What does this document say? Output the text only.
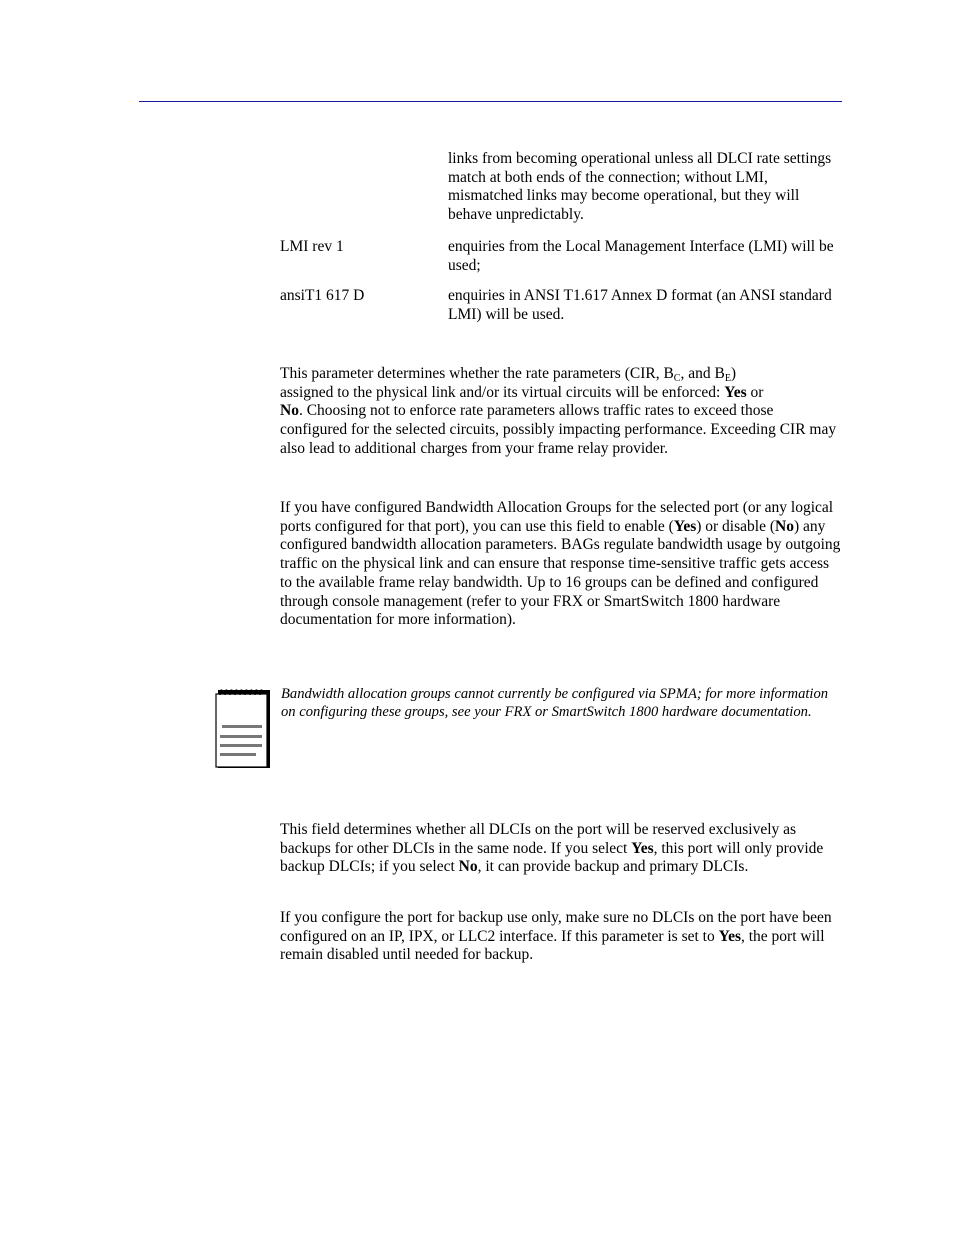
links from becoming operational unless all DLCI rate settings match at both ends of the connection; without LMI, mismatched links may become operational, but they will behave unpredictably.

LMI rev 1	enquiries from the Local Management Interface (LMI) will be used;

ansiT1 617 D	enquiries in ANSI T1.617 Annex D format (an ANSI standard LMI) will be used.

This parameter determines whether the rate parameters (CIR, $B_C$, and $B_E$)
assigned to the physical link and/or its virtual circuits will be enforced: Yes or
No. Choosing not to enforce rate parameters allows traffic rates to exceed those configured for the selected circuits, possibly impacting performance. Exceeding CIR may also lead to additional charges from your frame relay provider.

If you have configured Bandwidth Allocation Groups for the selected port (or any logical ports configured for that port), you can use this field to enable (Yes) or disable (No) any configured bandwidth allocation parameters. BAGs regulate bandwidth usage by outgoing traffic on the physical link and can ensure that response time-sensitive traffic gets access to the available frame relay bandwidth. Up to 16 groups can be defined and configured through console management (refer to your FRX or SmartSwitch 1800 hardware documentation for more information).

Bandwidth allocation groups cannot currently be configured via SPMA; for more information on configuring these groups, see your FRX or SmartSwitch 1800 hardware documentation.

This field determines whether all DLCIs on the port will be reserved exclusively as backups for other DLCIs in the same node. If you select Yes, this port will only provide backup DLCIs; if you select No, it can provide backup and primary DLCIs.

If you configure the port for backup use only, make sure no DLCIs on the port have been configured on an IP, IPX, or LLC2 interface. If this parameter is set to Yes, the port will remain disabled until needed for backup.
